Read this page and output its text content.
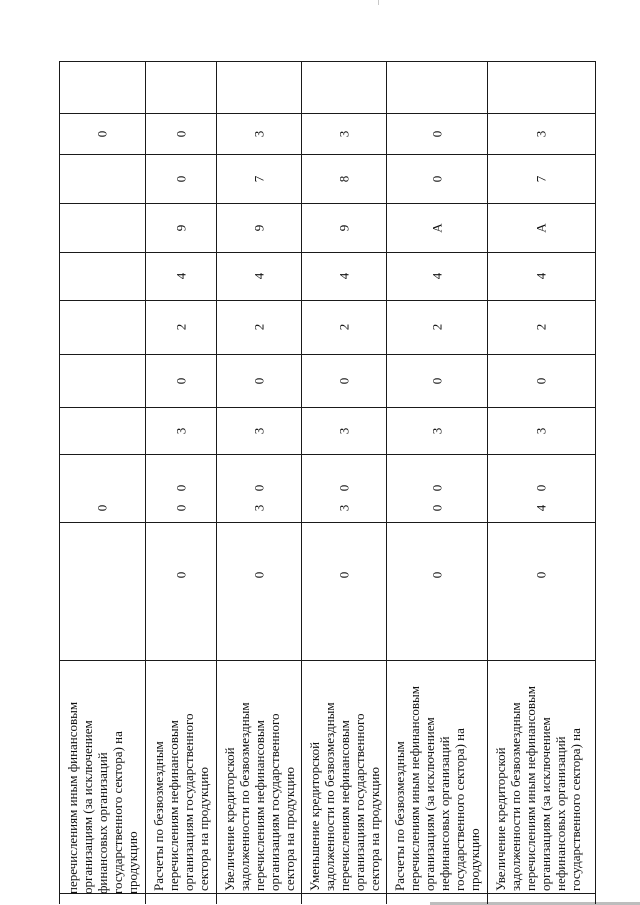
перечислениям иным финансовым организациям (за исключением финансовых организаций государственного сектора) на продукцию
0
0
Расчеты по безвозмездным перечислениям нефинансовым организациям государственного сектора на продукцию
0
0
3
0
2
4
9
0
0
0
Увеличение кредиторской задолженности по безвозмездным перечислениям нефинансовым организациям государственного сектора на продукцию
0
0
3
0
2
4
9
7
3
3
Уменьшение кредиторской задолженности по безвозмездным перечислениям нефинансовым организациям государственного сектора на продукцию
0
0
3
0
2
4
9
8
3
3
Расчеты по безвозмездным перечислениям иным нефинансовым организациям (за исключением нефинансовых организаций государственного сектора) на продукцию
0
0
3
0
2
4
А
0
0
0
Увеличение кредиторской задолженности по безвозмездным перечислениям иным нефинансовым организациям (за исключением нефинансовых организаций государственного сектора) на
0
0
3
0
2
4
А
7
3
4
